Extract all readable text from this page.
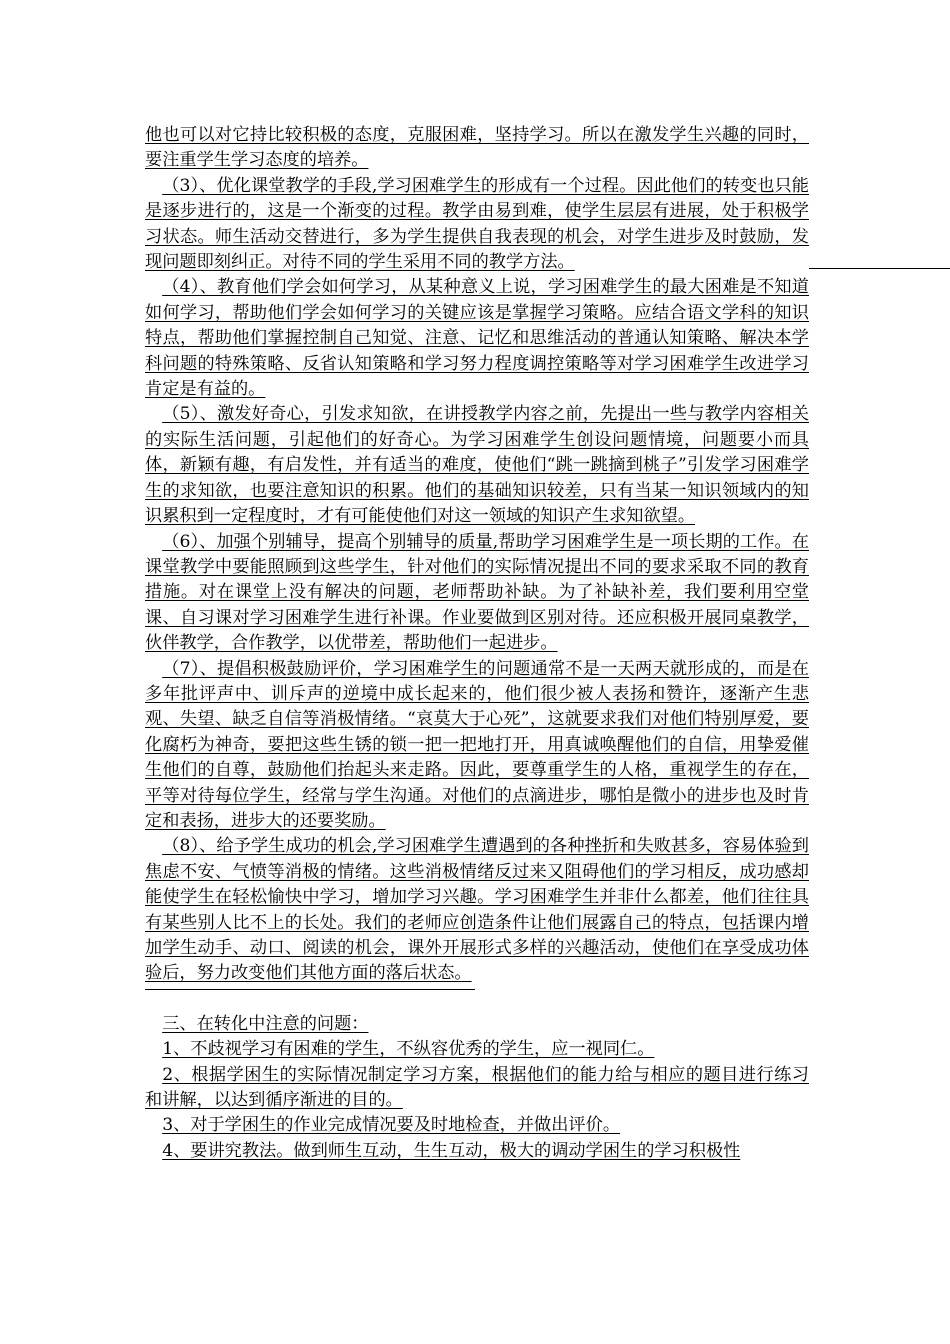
他也可以对它持比较积极的态度，克服困难，坚持学习。所以在激发学生兴趣的同时，要注重学生学习态度的培养。

（3）、优化课堂教学的手段,学习困难学生的形成有一个过程。因此他们的转变也只能是逐步进行的，这是一个渐变的过程。教学由易到难，使学生层层有进展，处于积极学习状态。师生活动交替进行，多为学生提供自我表现的机会，对学生进步及时鼓励，发现问题即刻纠正。对待不同的学生采用不同的教学方法。

（4）、教育他们学会如何学习，从某种意义上说，学习困难学生的最大困难是不知道如何学习，帮助他们学会如何学习的关键应该是掌握学习策略。应结合语文学科的知识特点，帮助他们掌握控制自己知觉、注意、记忆和思维活动的普通认知策略、解决本学科问题的特殊策略、反省认知策略和学习努力程度调控策略等对学习困难学生改进学习肯定是有益的。

（5）、激发好奇心，引发求知欲，在讲授教学内容之前，先提出一些与教学内容相关的实际生活问题，引起他们的好奇心。为学习困难学生创设问题情境，问题要小而具体，新颖有趣，有启发性，并有适当的难度，使他们“跳一跳摘到桃子”引发学习困难学生的求知欲，也要注意知识的积累。他们的基础知识较差，只有当某一知识领域内的知识累积到一定程度时，才有可能使他们对这一领域的知识产生求知欲望。

（6）、加强个别辅导，提高个别辅导的质量,帮助学习困难学生是一项长期的工作。在课堂教学中要能照顾到这些学生，针对他们的实际情况提出不同的要求采取不同的教育措施。对在课堂上没有解决的问题，老师帮助补缺。为了补缺补差，我们要利用空堂课、自习课对学习困难学生进行补课。作业要做到区别对待。还应积极开展同桌教学，伙伴教学，合作教学，以优带差，帮助他们一起进步。

（7）、提倡积极鼓励评价，学习困难学生的问题通常不是一天两天就形成的，而是在多年批评声中、训斥声的逆境中成长起来的，他们很少被人表扬和赞许，逐渐产生悲观、失望、缺乏自信等消极情绪。“哀莫大于心死”，这就要求我们对他们特别厚爱，要化腐朽为神奇，要把这些生锈的锁一把一把地打开，用真诚唤醒他们的自信，用挚爱催生他们的自尊，鼓励他们抬起头来走路。因此，要尊重学生的人格，重视学生的存在，平等对待每位学生，经常与学生沟通。对他们的点滴进步，哪怕是微小的进步也及时肯定和表扬，进步大的还要奖励。

（8）、给予学生成功的机会,学习困难学生遭遇到的各种挫折和失败甚多，容易体验到焦虑不安、气愤等消极的情绪。这些消极情绪反过来又阻碍他们的学习相反，成功感却能使学生在轻松愉快中学习，增加学习兴趣。学习困难学生并非什么都差，他们往往具有某些别人比不上的长处。我们的老师应创造条件让他们展露自己的特点，包括课内增加学生动手、动口、阅读的机会，课外开展形式多样的兴趣活动，使他们在享受成功体验后，努力改变他们其他方面的落后状态。

三、在转化中注意的问题：

1、不歧视学习有困难的学生，不纵容优秀的学生，应一视同仁。

2、根据学困生的实际情况制定学习方案，根据他们的能力给与相应的题目进行练习和讲解，以达到循序渐进的目的。

3、对于学困生的作业完成情况要及时地检查，并做出评价。

4、要讲究教法。做到师生互动，生生互动，极大的调动学困生的学习积极性
